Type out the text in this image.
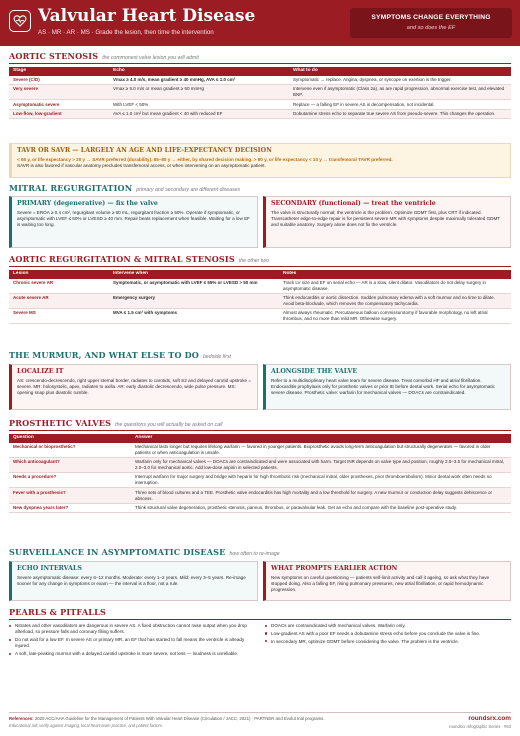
Valvular Heart Disease
AS · MR · AR · MS · Grade the lesion, then time the intervention
SYMPTOMS CHANGE EVERYTHING
and so does the EF
AORTIC STENOSIS the commonest valve lesion you will admit
Stage	Echo	What to do
Severe (C/D)	Vmax ≥ 4.0 m/s, mean gradient ≥ 40 mmHg, AVA ≤ 1.0 cm²	Symptomatic → replace. Angina, dyspnea, or syncope on exertion is the trigger.
Very severe	Vmax ≥ 5.0 m/s or mean gradient ≥ 60 mmHg	Intervene even if asymptomatic (Class 2a), as are rapid progression, abnormal exercise test, and elevated BNP.
Asymptomatic severe	With LVEF < 50%	Replace — a falling EF in severe AS is decompensation, not incidental.
Low-flow, low-gradient	AVA ≤ 1.0 cm² but mean gradient < 40 with reduced EF	Dobutamine stress echo to separate true severe AS from pseudo-severe. This changes the operation.
TAVR OR SAVR — LARGELY AN AGE AND LIFE-EXPECTANCY DECISION

< 65 y, or life expectancy > 20 y → SAVR preferred (durability). 65–80 y → either, by shared decision making. > 80 y, or life expectancy < 10 y → transfemoral TAVR preferred.

SAVR is also favored if vascular anatomy precludes transfemoral access, or when intervening on an asymptomatic patient.

MITRAL REGURGITATION primary and secondary are different diseases
PRIMARY (degenerative) — fix the valve

Severe = EROA ≥ 0.4 cm², regurgitant volume ≥ 60 mL, regurgitant fraction ≥ 50%. Operate if symptomatic, or asymptomatic with LVEF ≤ 60% or LVESD ≥ 40 mm. Repair beats replacement when feasible. Waiting for a low EF is waiting too long.

SECONDARY (functional) — treat the ventricle

The valve is structurally normal; the ventricle is the problem. Optimize GDMT first, plus CRT if indicated. Transcatheter edge-to-edge repair is for persistent severe MR with symptoms despite maximally tolerated GDMT and suitable anatomy. Surgery alone does not fix the ventricle.

AORTIC REGURGITATION & MITRAL STENOSIS the other two
Lesion	Intervene when	Notes
Chronic severe AR	Symptomatic, or asymptomatic with LVEF ≤ 55% or LVESD > 50 mm	Track LV size and EF on serial echo — AR is a slow, silent dilator. Vasodilators do not delay surgery in asymptomatic disease.
Acute severe AR	Emergency surgery	Think endocarditis or aortic dissection. Sudden pulmonary edema with a soft murmur and no time to dilate. Avoid beta-blockade, which removes the compensatory tachycardia.
Severe MS	MVA ≤ 1.5 cm² with symptoms	Almost always rheumatic. Percutaneous balloon commissurotomy if favorable morphology, no left atrial thrombus, and no more than mild MR. Otherwise surgery.
THE MURMUR, AND WHAT ELSE TO DO bedside first
LOCALIZE IT

AS: crescendo-decrescendo, right upper sternal border, radiates to carotids, soft S2 and delayed carotid upstroke = severe. MR: holosystolic, apex, radiates to axilla. AR: early diastolic decrescendo, wide pulse pressure. MS: opening snap plus diastolic rumble.

ALONGSIDE THE VALVE

Refer to a multidisciplinary heart valve team for severe disease. Treat comorbid HF and atrial fibrillation. Endocarditis prophylaxis only for prosthetic valves or prior IE before dental work. Serial echo for asymptomatic severe disease. Prosthetic valve: warfarin for mechanical valves — DOACs are contraindicated.

PROSTHETIC VALVES the questions you will actually be asked on call
Question	Answer
Mechanical or bioprosthetic?	Mechanical lasts longer but requires lifelong warfarin — favored in younger patients. Bioprosthetic avoids long-term anticoagulation but structurally degenerates — favored in older patients or when anticoagulation is unsafe.
Which anticoagulant?	Warfarin only for mechanical valves — DOACs are contraindicated and were associated with harm. Target INR depends on valve type and position, roughly 2.5–3.5 for mechanical mitral, 2.0–3.0 for mechanical aortic. Add low-dose aspirin in selected patients.
Needs a procedure?	Interrupt warfarin for major surgery and bridge with heparin for high thrombotic risk (mechanical mitral, older prostheses, prior thromboembolism). Minor dental work often needs no interruption.
Fever with a prosthesis?	Three sets of blood cultures and a TEE. Prosthetic valve endocarditis has high mortality and a low threshold for surgery. A new murmur or conduction delay suggests dehiscence or abscess.
New dyspnea years later?	Think structural valve degeneration, prosthetic stenosis, pannus, thrombus, or paravalvular leak. Get an echo and compare with the baseline post-operative study.
SURVEILLANCE IN ASYMPTOMATIC DISEASE how often to re-image
ECHO INTERVALS

Severe asymptomatic disease: every 6–12 months. Moderate: every 1–2 years. Mild: every 3–5 years. Re-image sooner for any change in symptoms or exam — the interval is a floor, not a rule.

WHAT PROMPTS EARLIER ACTION

New symptoms on careful questioning — patients self-limit activity and call it ageing, so ask what they have stopped doing. Also a falling EF, rising pulmonary pressures, new atrial fibrillation, or rapid hemodynamic progression.

PEARLS & PITFALLS
Nitrates and other vasodilators are dangerous in severe AS. A fixed obstruction cannot raise output when you drop afterload, so pressure falls and coronary filling suffers.
Do not wait for a low EF. In severe AS or primary MR, an EF that has started to fall means the ventricle is already injured.
A soft, late-peaking murmur with a delayed carotid upstroke is more severe, not less — loudness is unreliable.
DOACs are contraindicated with mechanical valves. Warfarin only.
Low-gradient AS with a poor EF needs a dobutamine stress echo before you conclude the valve is fine.
In secondary MR, optimize GDMT before considering the valve. The problem is the ventricle.
References: 2020 ACC/AHA Guideline for the Management of Patients With Valvular Heart Disease (Circulation / JACC, 2021) · PARTNER and Evolut trial programs.
Educational aid; verify against imaging, local heart-team practice, and patient factors.
roundsrx.com
roundsrx Infographic Series · #63
